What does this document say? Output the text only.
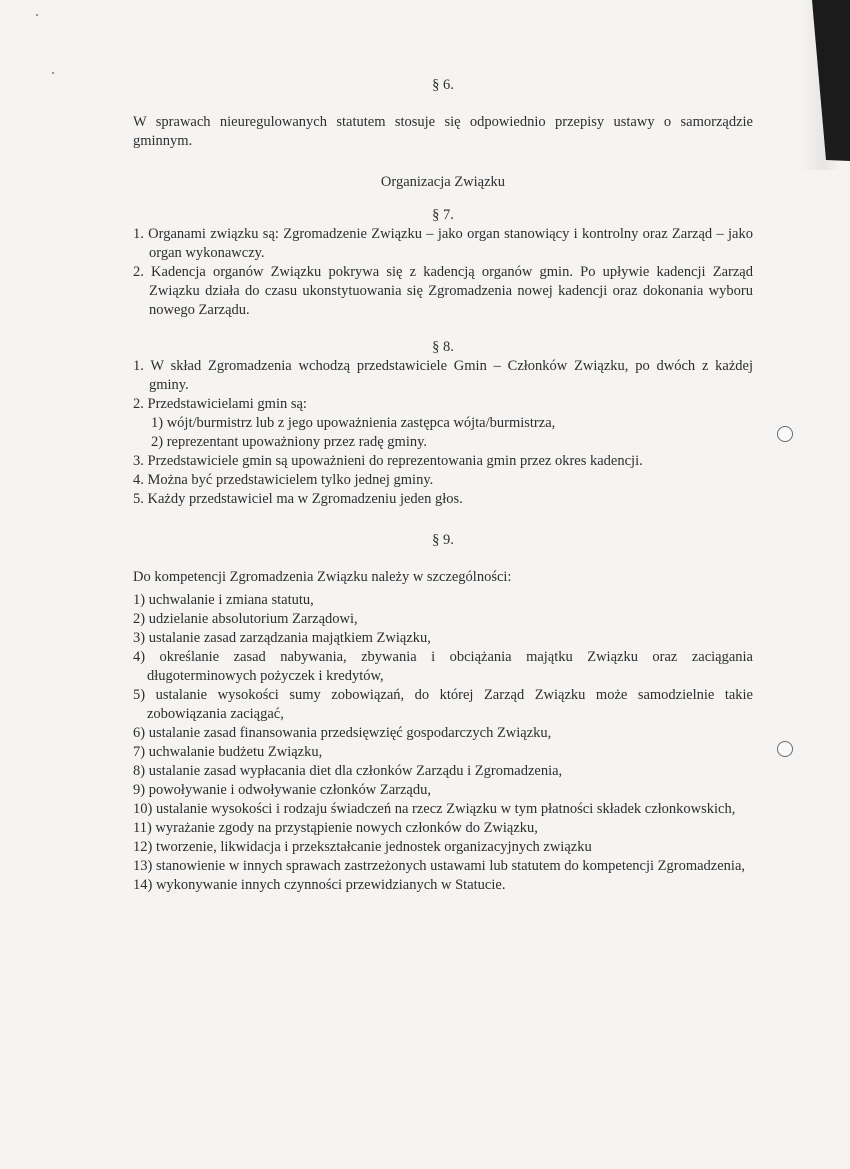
§ 6.

W sprawach nieuregulowanych statutem stosuje się odpowiednio przepisy ustawy o samorządzie gminnym.

Organizacja Związku
§ 7.
1. Organami związku są: Zgromadzenie Związku – jako organ stanowiący i kontrolny oraz Zarząd – jako organ wykonawczy.
2. Kadencja organów Związku pokrywa się z kadencją organów gmin. Po upływie kadencji Zarząd Związku działa do czasu ukonstytuowania się Zgromadzenia nowej kadencji oraz dokonania wyboru nowego Zarządu.
§ 8.
1. W skład Zgromadzenia wchodzą przedstawiciele Gmin – Członków Związku, po dwóch z każdej gminy.
2. Przedstawicielami gmin są:
1) wójt/burmistrz lub z jego upoważnienia zastępca wójta/burmistrza,
2) reprezentant upoważniony przez radę gminy.
3. Przedstawiciele gmin są upoważnieni do reprezentowania gmin przez okres kadencji.
4. Można być przedstawicielem tylko jednej gminy.
5. Każdy przedstawiciel ma w Zgromadzeniu jeden głos.
§ 9.

Do kompetencji Zgromadzenia Związku należy w szczególności:

1) uchwalanie i zmiana statutu,
2) udzielanie absolutorium Zarządowi,
3) ustalanie zasad zarządzania majątkiem Związku,
4) określanie zasad nabywania, zbywania i obciążania majątku Związku oraz zaciągania długoterminowych pożyczek i kredytów,
5) ustalanie wysokości sumy zobowiązań, do której Zarząd Związku może samodzielnie takie zobowiązania zaciągać,
6) ustalanie zasad finansowania przedsięwzięć gospodarczych Związku,
7) uchwalanie budżetu Związku,
8) ustalanie zasad wypłacania diet dla członków Zarządu i Zgromadzenia,
9) powoływanie i odwoływanie członków Zarządu,
10) ustalanie wysokości i rodzaju świadczeń na rzecz Związku w tym płatności składek członkowskich,
11) wyrażanie zgody na przystąpienie nowych członków do Związku,
12) tworzenie, likwidacja i przekształcanie jednostek organizacyjnych związku
13) stanowienie w innych sprawach zastrzeżonych ustawami lub statutem do kompetencji Zgromadzenia,
14) wykonywanie innych czynności przewidzianych w Statucie.
